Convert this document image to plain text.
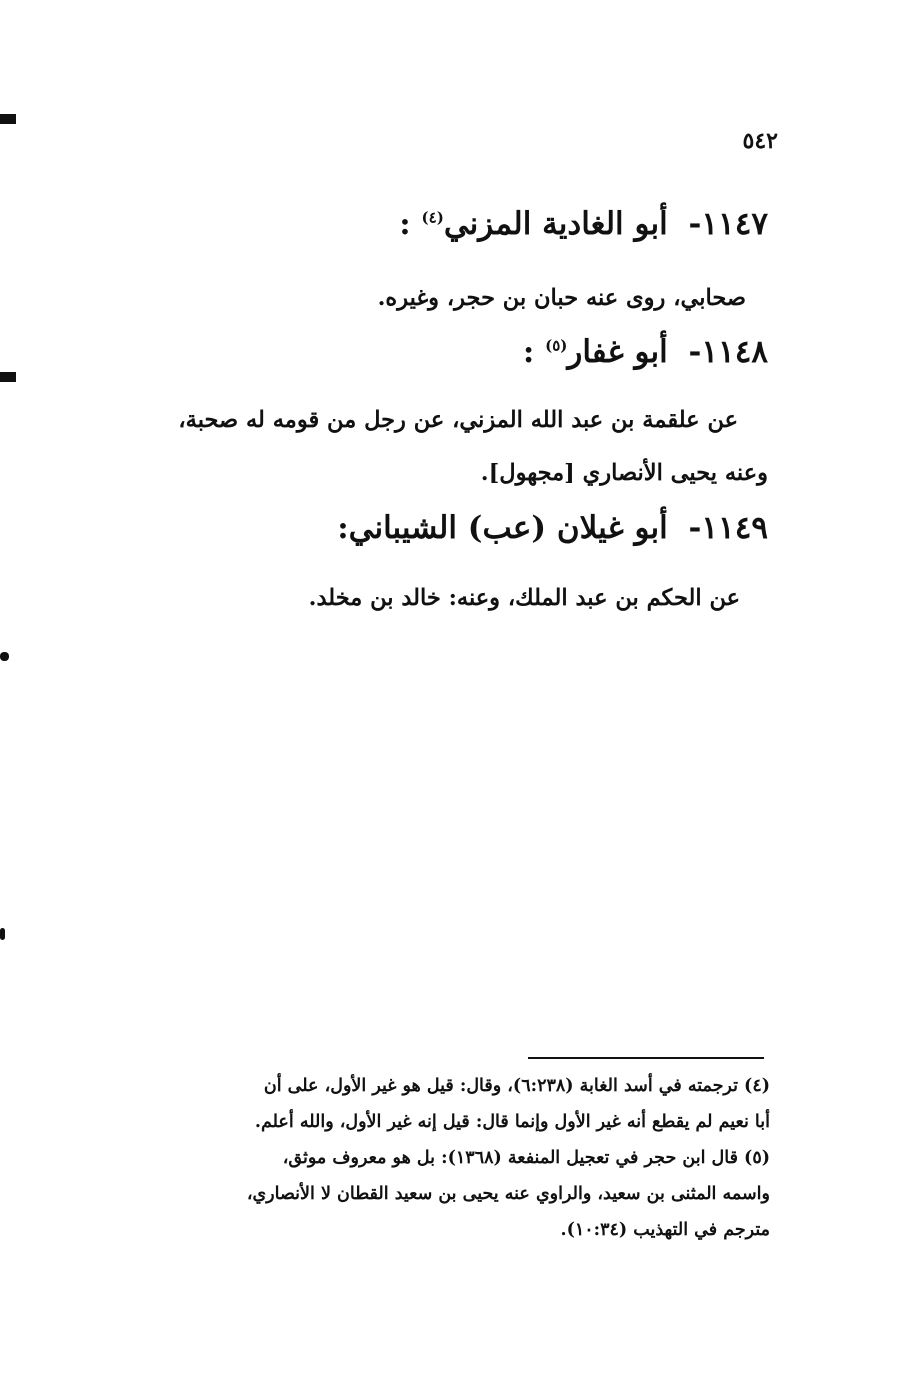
٥٤٢
١١٤٧- أبو الغادية المزني$^{(٤)}$ :
صحابي، روى عنه حبان بن حجر، وغيره.
١١٤٨- أبو غفار$^{(٥)}$ :
عن علقمة بن عبد الله المزني، عن رجل من قومه له صحبة،
وعنه يحيى الأنصاري [مجهول].
١١٤٩- أبو غيلان (عب) الشيباني:
عن الحكم بن عبد الملك، وعنه: خالد بن مخلد.
(٤) ترجمته في أسد الغابة (٦:٢٣٨)، وقال: قيل هو غير الأول، على أن
أبا نعيم لم يقطع أنه غير الأول وإنما قال: قيل إنه غير الأول، والله أعلم.
(٥) قال ابن حجر في تعجيل المنفعة (١٣٦٨): بل هو معروف موثق،
واسمه المثنى بن سعيد، والراوي عنه يحيى بن سعيد القطان لا الأنصاري،
مترجم في التهذيب (١٠:٣٤).
